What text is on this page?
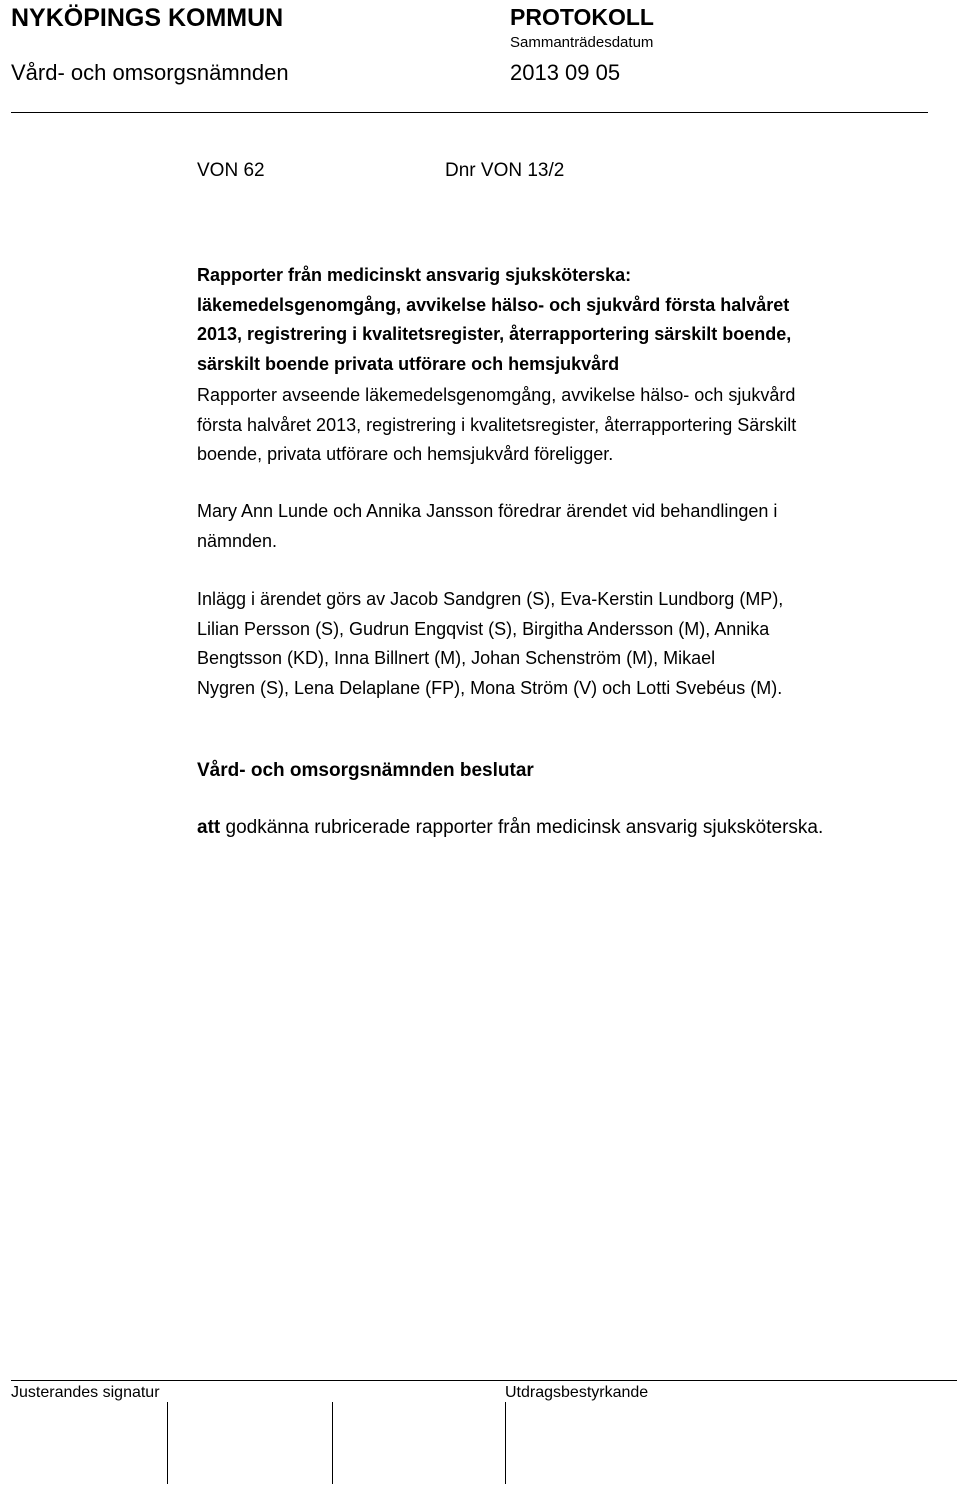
NYKÖPINGS KOMMUN	PROTOKOLL
Sammanträdesdatum
Vård- och omsorgsnämnden	2013 09 05
VON 62	Dnr VON 13/2
Rapporter från medicinskt ansvarig sjuksköterska:
läkemedelsgenomgång, avvikelse hälso- och sjukvård första halvåret
2013, registrering i kvalitetsregister, återrapportering särskilt boende,
särskilt boende privata utförare och hemsjukvård
Rapporter avseende läkemedelsgenomgång, avvikelse hälso- och sjukvård
första halvåret 2013, registrering i kvalitetsregister, återrapportering Särskilt
boende, privata utförare och hemsjukvård föreligger.
Mary Ann Lunde och Annika Jansson föredrar ärendet vid behandlingen i
nämnden.
Inlägg i ärendet görs av Jacob Sandgren (S), Eva-Kerstin Lundborg (MP),
Lilian Persson (S), Gudrun Engqvist (S), Birgitha Andersson (M), Annika
Bengtsson (KD), Inna Billnert (M), Johan Schenström (M), Mikael
Nygren (S), Lena Delaplane (FP), Mona Ström (V) och Lotti Svebéus (M).
Vård- och omsorgsnämnden beslutar
att godkänna rubricerade rapporter från medicinsk ansvarig sjuksköterska.
Justerandes signatur	Utdragsbestyrkande
